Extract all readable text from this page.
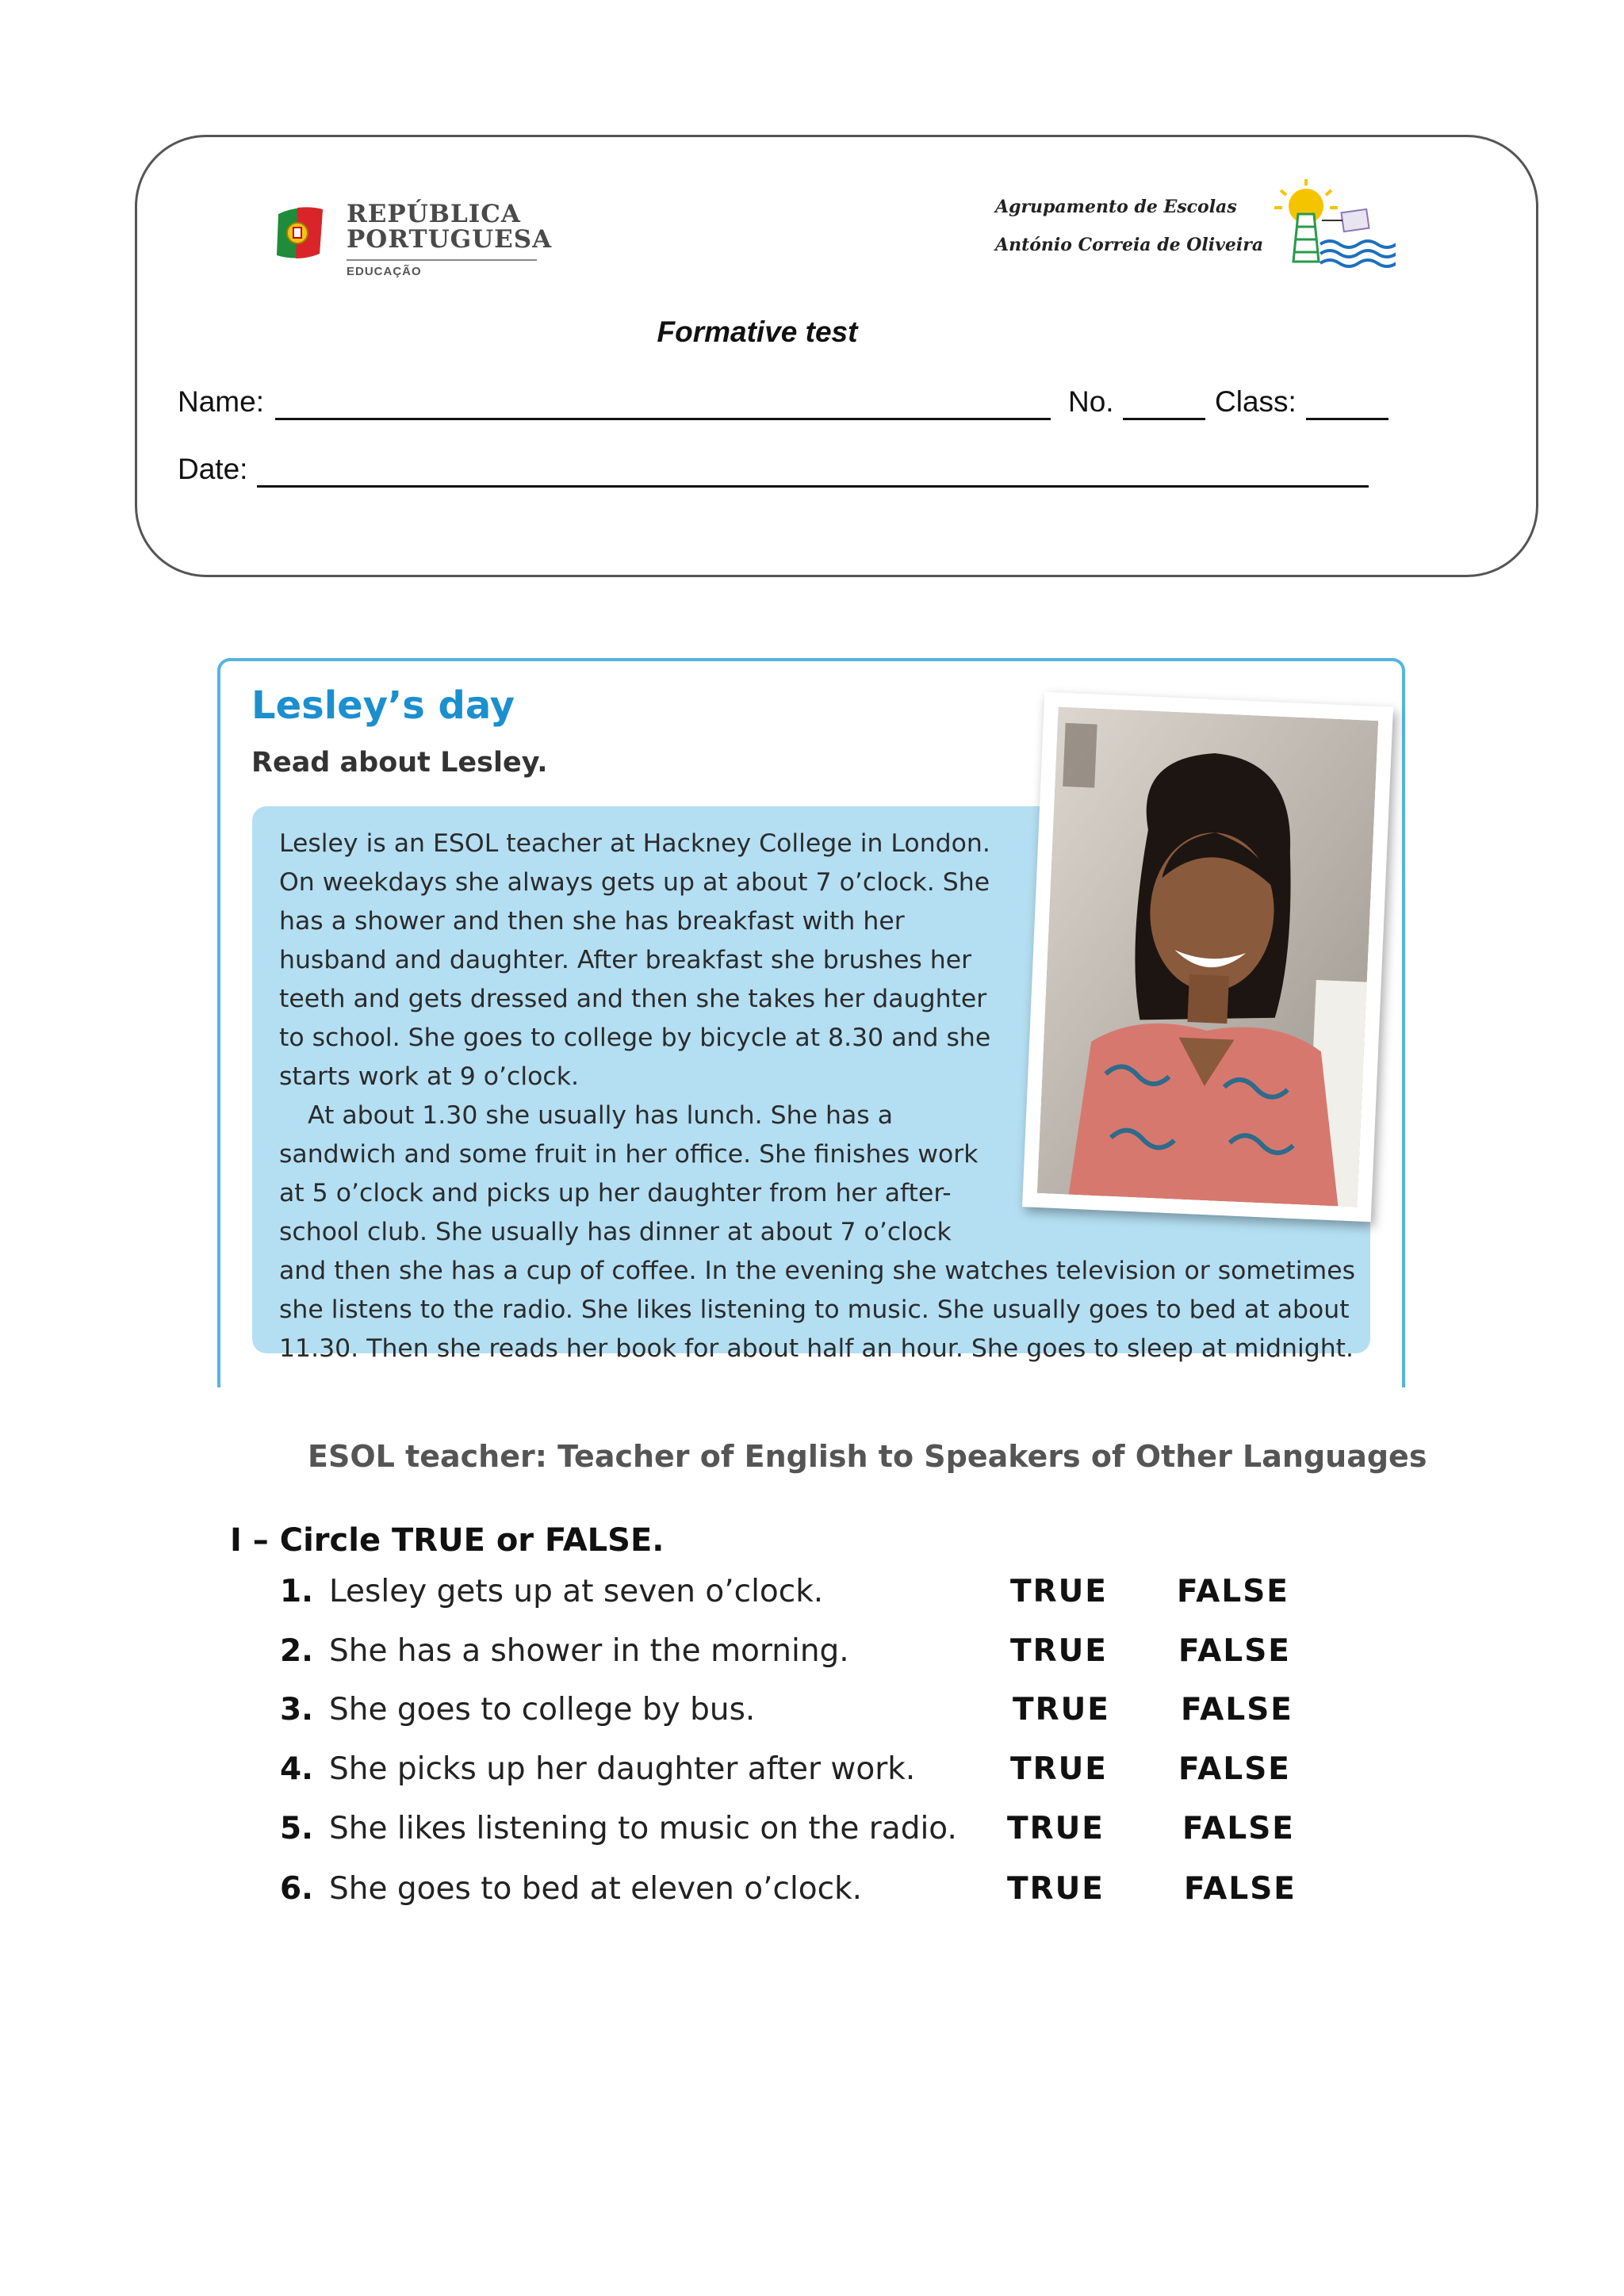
REPÚBLICA
PORTUGUESA
EDUCAÇÃO
Agrupamento de Escolas
António Correia de Oliveira
Formative test
Name:	No.	Class:
Date:
Lesley’s day
Read about Lesley.

Lesley is an ESOL teacher at Hackney College in London. On weekdays she always gets up at about 7 o’clock. She has a shower and then she has breakfast with her husband and daughter. After breakfast she brushes her teeth and gets dressed and then she takes her daughter to school. She goes to college by bicycle at 8.30 and she starts work at 9 o’clock.

At about 1.30 she usually has lunch. She has a sandwich and some fruit in her office. She finishes work at 5 o’clock and picks up her daughter from her after-school club. She usually has dinner at about 7 o’clock and then she has a cup of coffee. In the evening she watches television or sometimes she listens to the radio. She likes listening to music. She usually goes to bed at about 11.30. Then she reads her book for about half an hour. She goes to sleep at midnight.

ESOL teacher: Teacher of English to Speakers of Other Languages
I – Circle TRUE or FALSE.
1. Lesley gets up at seven o’clock.	TRUE FALSE
2. She has a shower in the morning.	TRUE FALSE
3. She goes to college by bus.	TRUE FALSE
4. She picks up her daughter after work.	TRUE FALSE
5. She likes listening to music on the radio. TRUE	FALSE
6. She goes to bed at eleven o’clock.	TRUE	FALSE
